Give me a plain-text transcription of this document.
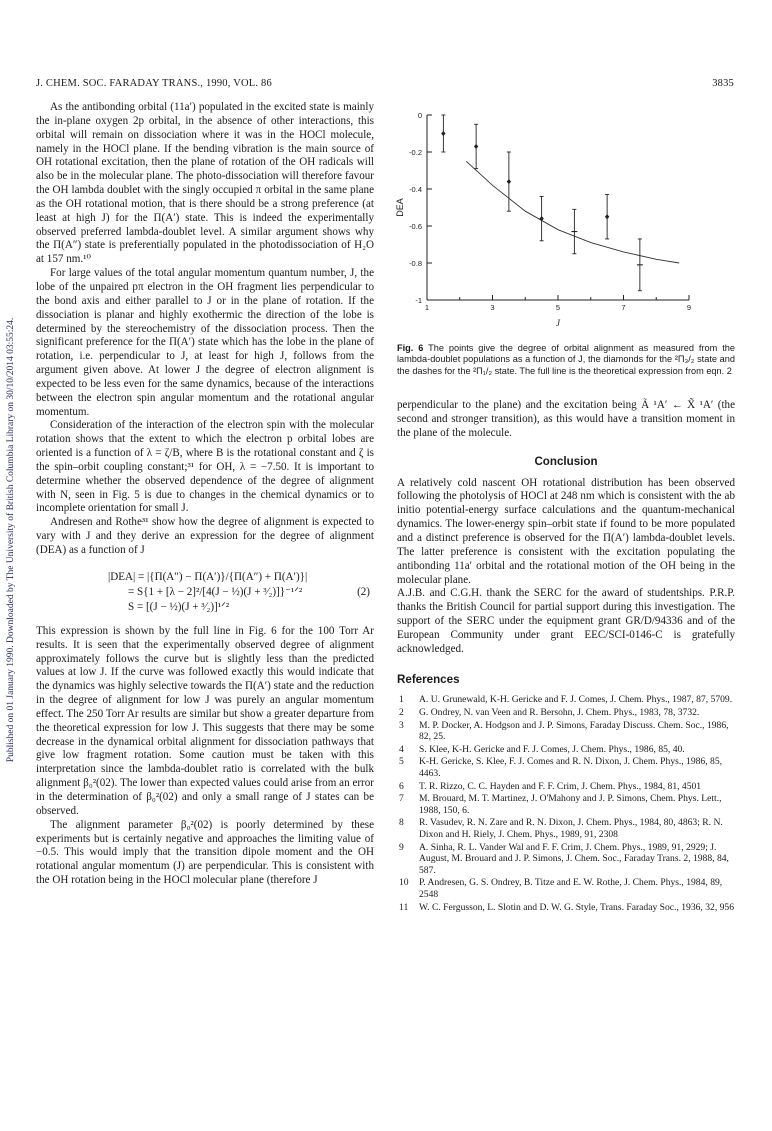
Published on 01 January 1990. Downloaded by The University of British Columbia Library on 30/10/2014 03:55:24.
J. CHEM. SOC. FARADAY TRANS., 1990, VOL. 86	3835

As the antibonding orbital (11a′) populated in the excited state is mainly the in-plane oxygen 2p orbital, in the absence of other interactions, this orbital will remain on dissociation where it was in the HOCl molecule, namely in the HOCl plane. If the bending vibration is the main source of OH rotational excitation, then the plane of rotation of the OH radicals will also be in the molecular plane. The photo-dissociation will therefore favour the OH lambda doublet with the singly occupied π orbital in the same plane as the OH rotational motion, that is there should be a strong preference (at least at high J) for the Π(A′) state. This is indeed the experimentally observed preferred lambda-doublet level. A similar argument shows why the Π(A″) state is preferentially populated in the photodissociation of H₂O at 157 nm.¹⁰

For large values of the total angular momentum quantum number, J, the lobe of the unpaired pπ electron in the OH fragment lies perpendicular to the bond axis and either parallel to J or in the plane of rotation. If the dissociation is planar and highly exothermic the direction of the lobe is determined by the stereochemistry of the dissociation process. Then the significant preference for the Π(A′) state which has the lobe in the plane of rotation, i.e. perpendicular to J, at least for high J, follows from the argument given above. At lower J the degree of electron alignment is expected to be less even for the same dynamics, because of the interactions between the electron spin angular momentum and the rotational angular momentum.

Consideration of the interaction of the electron spin with the molecular rotation shows that the extent to which the electron p orbital lobes are oriented is a function of λ = ζ/B, where B is the rotational constant and ζ is the spin–orbit coupling constant;³¹ for OH, λ = −7.50. It is important to determine whether the observed dependence of the degree of alignment with N, seen in Fig. 5 is due to changes in the chemical dynamics or to incomplete orientation for small J.

Andresen and Rothe³¹ show how the degree of alignment is expected to vary with J and they derive an expression for the degree of alignment (DEA) as a function of J

|DEA| = |{Π(A″) − Π(A′)}/{Π(A″) + Π(A′)}|
= S{1 + [λ − 2]²/[4(J − ½)(J + ³⁄₂)]}⁻¹ᐟ²
S = [(J − ½)(J + ³⁄₂)]¹ᐟ²
(2)

This expression is shown by the full line in Fig. 6 for the 100 Torr Ar results. It is seen that the experimentally observed degree of alignment approximately follows the curve but is slightly less than the predicted values at low J. If the curve was followed exactly this would indicate that the dynamics was highly selective towards the Π(A′) state and the reduction in the degree of alignment for low J was purely an angular momentum effect. The 250 Torr Ar results are similar but show a greater departure from the theoretical expression for low J. This suggests that there may be some decrease in the dynamical orbital alignment for dissociation pathways that give low fragment rotation. Some caution must be taken with this interpretation since the lambda-doublet ratio is correlated with the bulk alignment β₀²(02). The lower than expected values could arise from an error in the determination of β₀²(02) and only a small range of J states can be observed.

The alignment parameter β₀²(02) is poorly determined by these experiments but is certainly negative and approaches the limiting value of −0.5. This would imply that the transition dipole moment and the OH rotational angular momentum (J) are perpendicular. This is consistent with the OH rotation being in the HOCl molecular plane (therefore J

0
-0.2
-0.4
-0.6
-0.8
-1
1	3	5	7	9
DEA
J
Fig. 6 The points give the degree of orbital alignment as measured from the lambda-doublet populations as a function of J, the diamonds for the ²Π₃/₂ state and the dashes for the ²Π₁/₂ state. The full line is the theoretical expression from eqn. 2

perpendicular to the plane) and the excitation being Ã ¹A′ ← X̃ ¹A′ (the second and stronger transition), as this would have a transition moment in the plane of the molecule.

Conclusion

A relatively cold nascent OH rotational distribution has been observed following the photolysis of HOCl at 248 nm which is consistent with the ab initio potential-energy surface calculations and the quantum-mechanical dynamics. The lower-energy spin–orbit state if found to be more populated and a distinct preference is observed for the Π(A′) lambda-doublet levels. The latter preference is consistent with the excitation populating the antibonding 11a′ orbital and the rotational motion of the OH being in the molecular plane.

A.J.B. and C.G.H. thank the SERC for the award of studentships. P.R.P. thanks the British Council for partial support during this investigation. The support of the SERC under the equipment grant GR/D/94336 and of the European Community under grant EEC/SCI-0146-C is gratefully acknowledged.

References
1 A. U. Grunewald, K-H. Gericke and F. J. Comes, J. Chem. Phys., 1987, 87, 5709.
2 G. Ondrey, N. van Veen and R. Bersohn, J. Chem. Phys., 1983, 78, 3732.
3 M. P. Docker, A. Hodgson and J. P. Simons, Faraday Discuss. Chem. Soc., 1986, 82, 25.
4 S. Klee, K-H. Gericke and F. J. Comes, J. Chem. Phys., 1986, 85, 40.
5 K-H. Gericke, S. Klee, F. J. Comes and R. N. Dixon, J. Chem. Phys., 1986, 85, 4463.
6 T. R. Rizzo, C. C. Hayden and F. F. Crim, J. Chem. Phys., 1984, 81, 4501
7 M. Brouard, M. T. Martinez, J. O'Mahony and J. P. Simons, Chem. Phys. Lett., 1988, 150, 6.
8 R. Vasudev, R. N. Zare and R. N. Dixon, J. Chem. Phys., 1984, 80, 4863; R. N. Dixon and H. Riely, J. Chem. Phys., 1989, 91, 2308
9 A. Sinha, R. L. Vander Wal and F. F. Crim, J. Chem. Phys., 1989, 91, 2929; J. August, M. Brouard and J. P. Simons, J. Chem. Soc., Faraday Trans. 2, 1988, 84, 587.
10 P. Andresen, G. S. Ondrey, B. Titze and E. W. Rothe, J. Chem. Phys., 1984, 89, 2548
11 W. C. Fergusson, L. Slotin and D. W. G. Style, Trans. Faraday Soc., 1936, 32, 956
